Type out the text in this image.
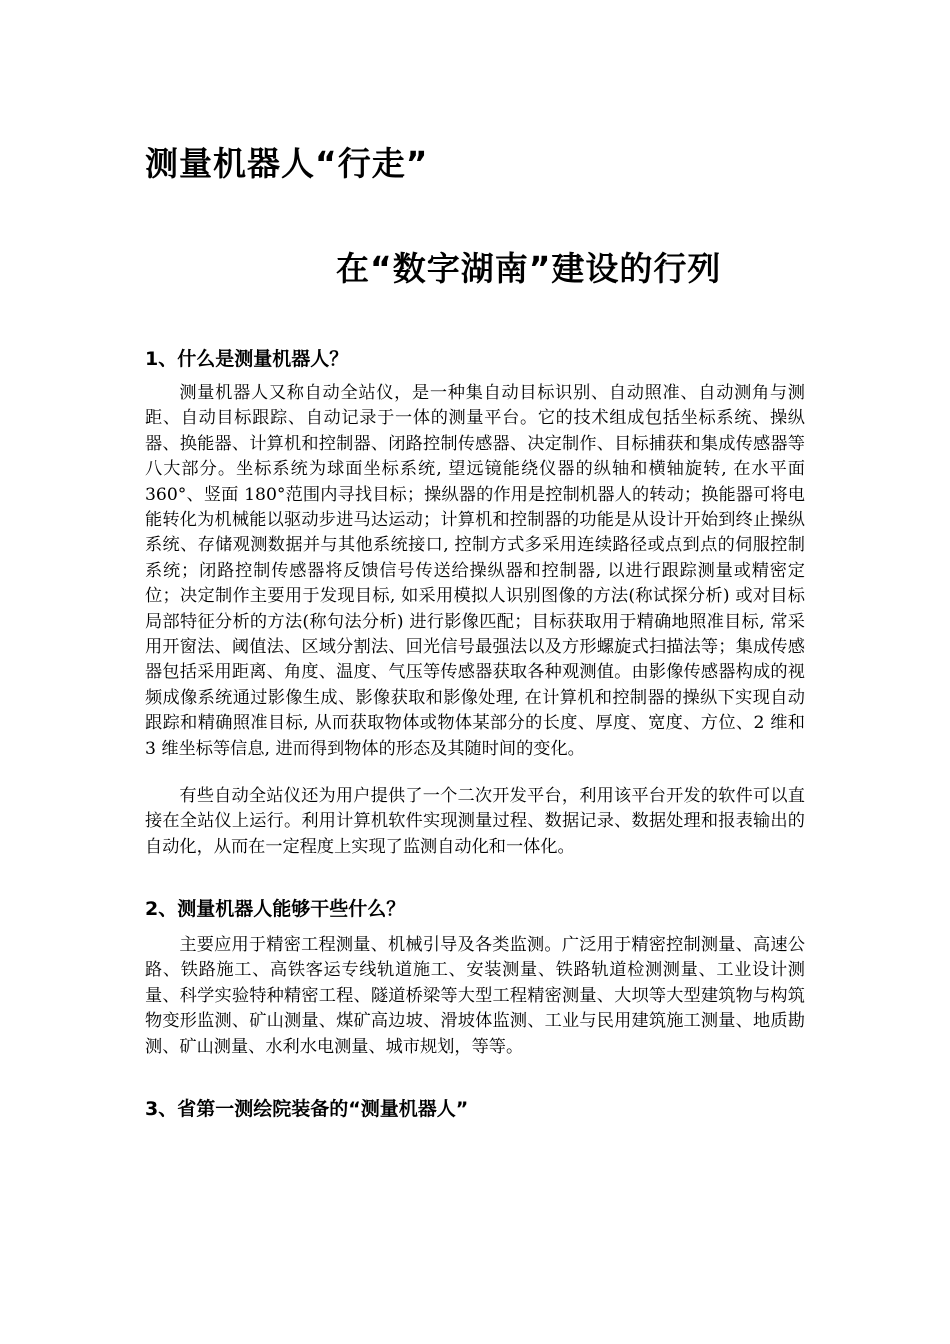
测量机器人“行走”
在“数字湖南”建设的行列
1、什么是测量机器人？

测量机器人又称自动全站仪，是一种集自动目标识别、自动照准、自动测角与测距、自动目标跟踪、自动记录于一体的测量平台。它的技术组成包括坐标系统、操纵器、换能器、计算机和控制器、闭路控制传感器、决定制作、目标捕获和集成传感器等八大部分。坐标系统为球面坐标系统, 望远镜能绕仪器的纵轴和横轴旋转, 在水平面 360°、竖面 180°范围内寻找目标；操纵器的作用是控制机器人的转动；换能器可将电能转化为机械能以驱动步进马达运动；计算机和控制器的功能是从设计开始到终止操纵系统、存储观测数据并与其他系统接口, 控制方式多采用连续路径或点到点的伺服控制系统；闭路控制传感器将反馈信号传送给操纵器和控制器, 以进行跟踪测量或精密定位；决定制作主要用于发现目标, 如采用模拟人识别图像的方法(称试探分析) 或对目标局部特征分析的方法(称句法分析) 进行影像匹配；目标获取用于精确地照准目标, 常采用开窗法、阈值法、区域分割法、回光信号最强法以及方形螺旋式扫描法等；集成传感器包括采用距离、角度、温度、气压等传感器获取各种观测值。由影像传感器构成的视频成像系统通过影像生成、影像获取和影像处理, 在计算机和控制器的操纵下实现自动跟踪和精确照准目标, 从而获取物体或物体某部分的长度、厚度、宽度、方位、2 维和 3 维坐标等信息, 进而得到物体的形态及其随时间的变化。

有些自动全站仪还为用户提供了一个二次开发平台，利用该平台开发的软件可以直接在全站仪上运行。利用计算机软件实现测量过程、数据记录、数据处理和报表输出的自动化，从而在一定程度上实现了监测自动化和一体化。

2、测量机器人能够干些什么？

主要应用于精密工程测量、机械引导及各类监测。广泛用于精密控制测量、高速公路、铁路施工、高铁客运专线轨道施工、安装测量、铁路轨道检测测量、工业设计测量、科学实验特种精密工程、隧道桥梁等大型工程精密测量、大坝等大型建筑物与构筑物变形监测、矿山测量、煤矿高边坡、滑坡体监测、工业与民用建筑施工测量、地质勘测、矿山测量、水利水电测量、城市规划，等等。

3、省第一测绘院装备的“测量机器人”
